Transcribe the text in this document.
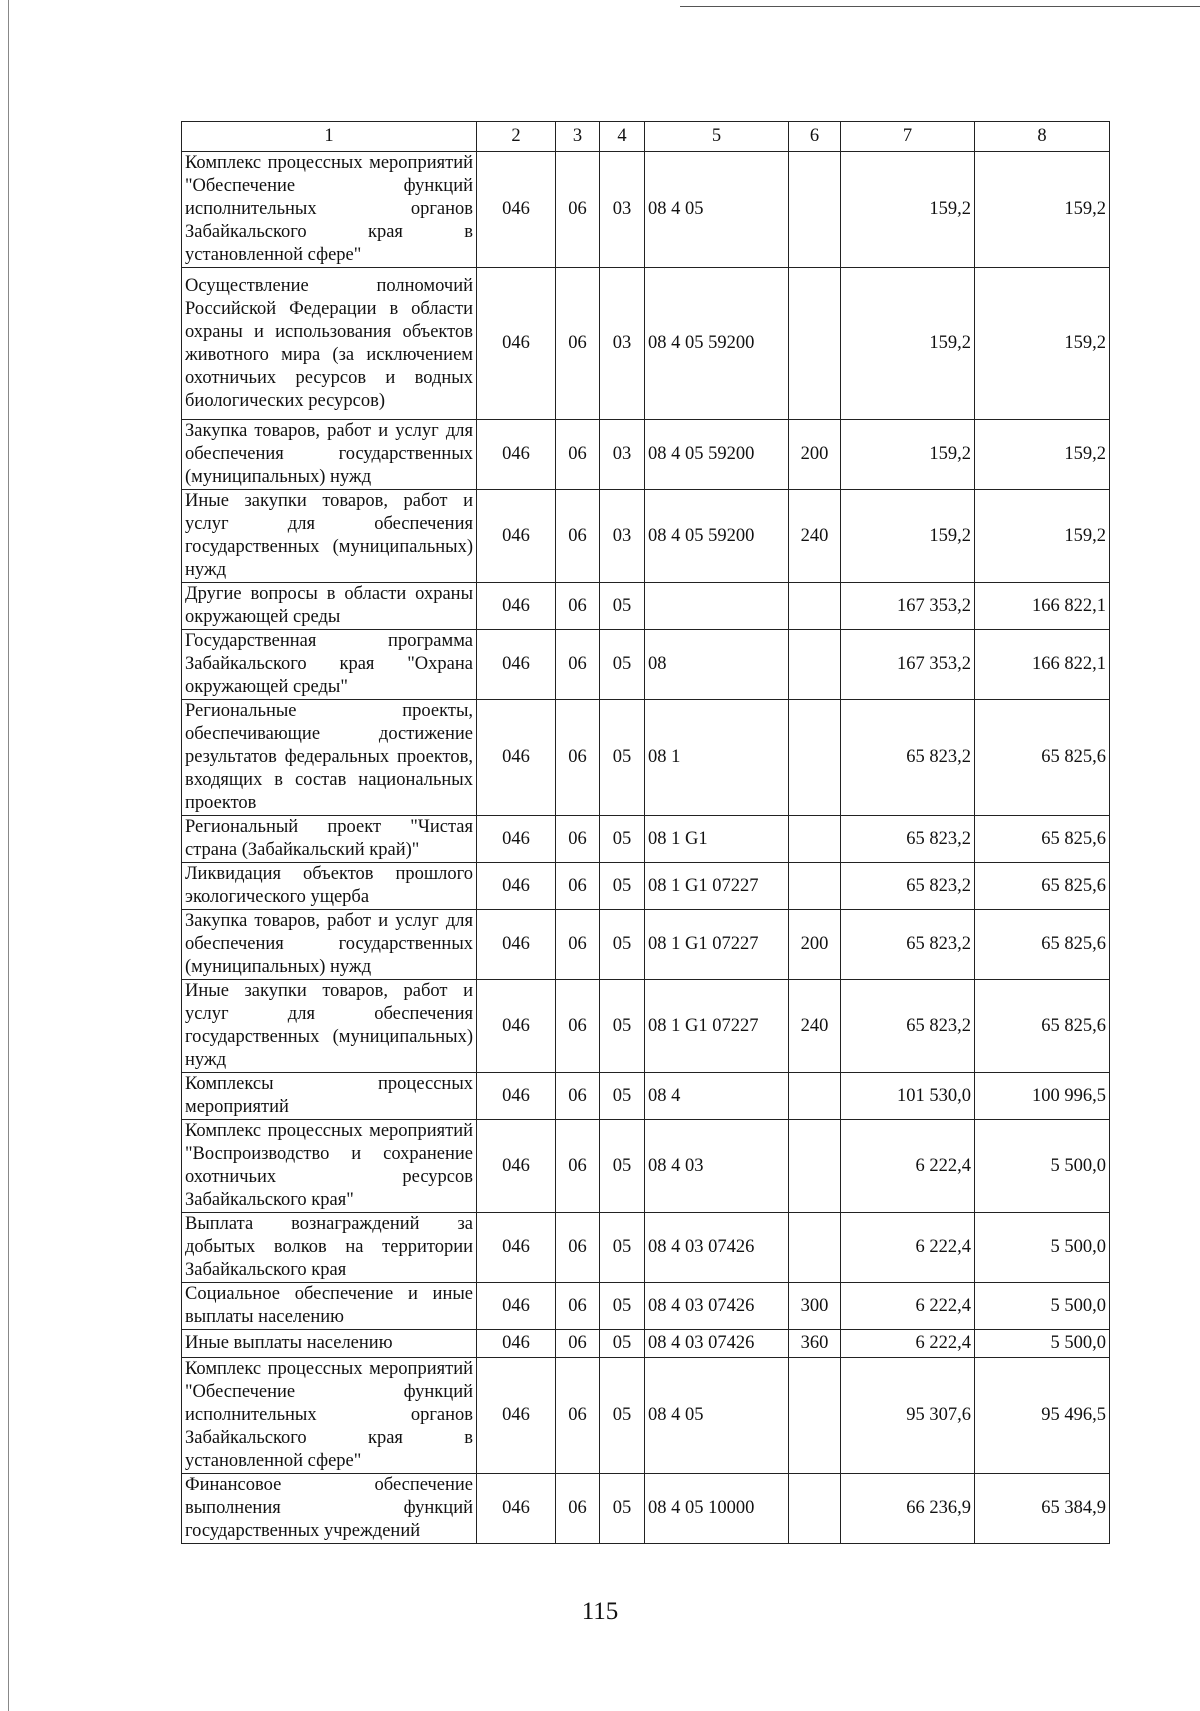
1	2	3	4	5	6	7	8
Комплекс процессных мероприятий "Обеспечение функций исполнительных органов Забайкальского края в установленной сфере"	046	06	03	08 4 05		159,2	159,2
Осуществление полномочий Российской Федерации в области охраны и использования объектов животного мира (за исключением охотничьих ресурсов и водных биологических ресурсов)	046	06	03	08 4 05 59200		159,2	159,2
Закупка товаров, работ и услуг для обеспечения государственных (муниципальных) нужд	046	06	03	08 4 05 59200	200	159,2	159,2
Иные закупки товаров, работ и услуг для обеспечения государственных (муниципальных) нужд	046	06	03	08 4 05 59200	240	159,2	159,2
Другие вопросы в области охраны окружающей среды	046	06	05			167 353,2	166 822,1
Государственная программа Забайкальского края "Охрана окружающей среды"	046	06	05	08		167 353,2	166 822,1
Региональные проекты, обеспечивающие достижение результатов федеральных проектов, входящих в состав национальных проектов	046	06	05	08 1		65 823,2	65 825,6
Региональный проект "Чистая страна (Забайкальский край)"	046	06	05	08 1 G1		65 823,2	65 825,6
Ликвидация объектов прошлого экологического ущерба	046	06	05	08 1 G1 07227		65 823,2	65 825,6
Закупка товаров, работ и услуг для обеспечения государственных (муниципальных) нужд	046	06	05	08 1 G1 07227	200	65 823,2	65 825,6
Иные закупки товаров, работ и услуг для обеспечения государственных (муниципальных) нужд	046	06	05	08 1 G1 07227	240	65 823,2	65 825,6
Комплексы процессных мероприятий	046	06	05	08 4		101 530,0	100 996,5
Комплекс процессных мероприятий "Воспроизводство и сохранение охотничьих ресурсов Забайкальского края"	046	06	05	08 4 03		6 222,4	5 500,0
Выплата вознаграждений за добытых волков на территории Забайкальского края	046	06	05	08 4 03 07426		6 222,4	5 500,0
Социальное обеспечение и иные выплаты населению	046	06	05	08 4 03 07426	300	6 222,4	5 500,0
Иные выплаты населению	046	06	05	08 4 03 07426	360	6 222,4	5 500,0
Комплекс процессных мероприятий "Обеспечение функций исполнительных органов Забайкальского края в установленной сфере"	046	06	05	08 4 05		95 307,6	95 496,5
Финансовое обеспечение выполнения функций государственных учреждений	046	06	05	08 4 05 10000		66 236,9	65 384,9
115
